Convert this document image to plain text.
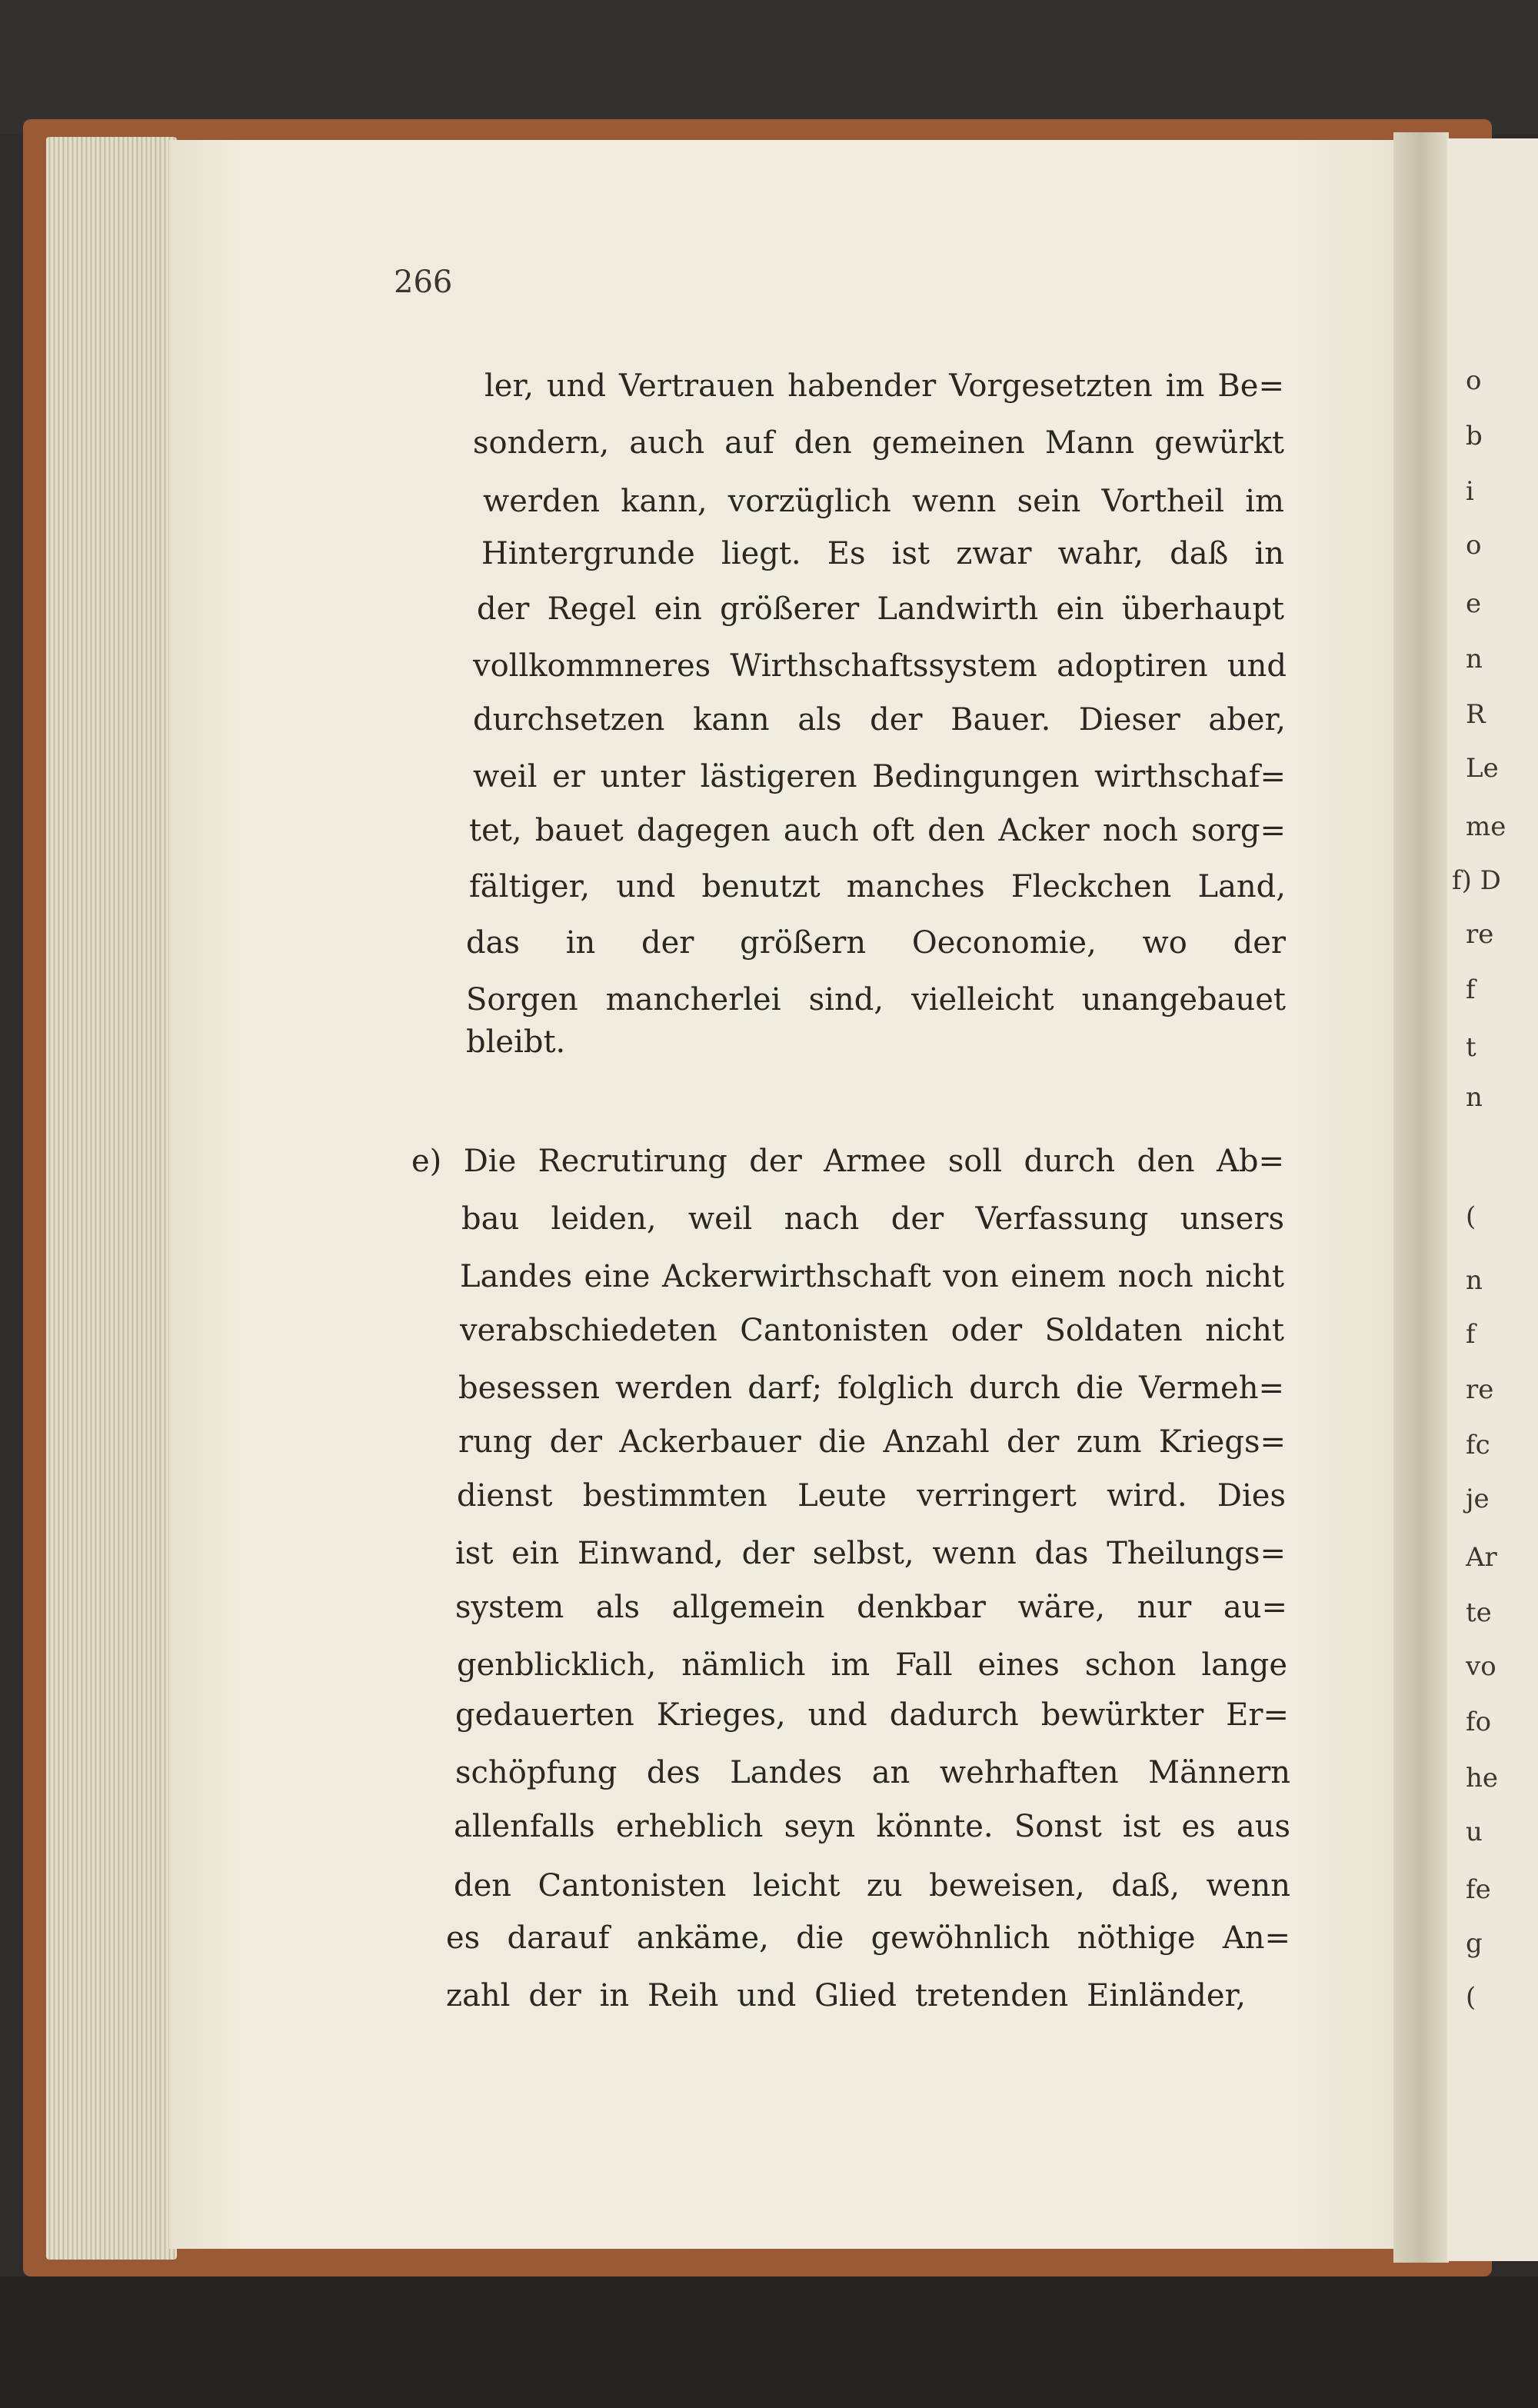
266
ler, und Vertrauen habender Vorgesetzten im Be=
sondern, auch auf den gemeinen Mann gewürkt
werden kann, vorzüglich wenn sein Vortheil im
Hintergrunde liegt. Es ist zwar wahr, daß in
der Regel ein größerer Landwirth ein überhaupt
vollkommneres Wirthschaftssystem adoptiren und
durchsetzen kann als der Bauer. Dieser aber,
weil er unter lästigeren Bedingungen wirthschaf=
tet, bauet dagegen auch oft den Acker noch sorg=
fältiger, und benutzt manches Fleckchen Land,
das in der größern Oeconomie, wo der
Sorgen mancherlei sind, vielleicht unangebauet
bleibt.
e) Die Recrutirung der Armee soll durch den Ab=
bau leiden, weil nach der Verfassung unsers
Landes eine Ackerwirthschaft von einem noch nicht
verabschiedeten Cantonisten oder Soldaten nicht
besessen werden darf; folglich durch die Vermeh=
rung der Ackerbauer die Anzahl der zum Kriegs=
dienst bestimmten Leute verringert wird. Dies
ist ein Einwand, der selbst, wenn das Theilungs=
system als allgemein denkbar wäre, nur au=
genblicklich, nämlich im Fall eines schon lange
gedauerten Krieges, und dadurch bewürkter Er=
schöpfung des Landes an wehrhaften Männern
allenfalls erheblich seyn könnte. Sonst ist es aus
den Cantonisten leicht zu beweisen, daß, wenn
es darauf ankäme, die gewöhnlich nöthige An=
zahl der in Reih und Glied tretenden Einländer,
o
b
i
o
e
n
R
Le
me
f) D
re
f
t
n
(
n
f
re
fc
je
Ar
te
vo
fo
he
u
fe
g
(
